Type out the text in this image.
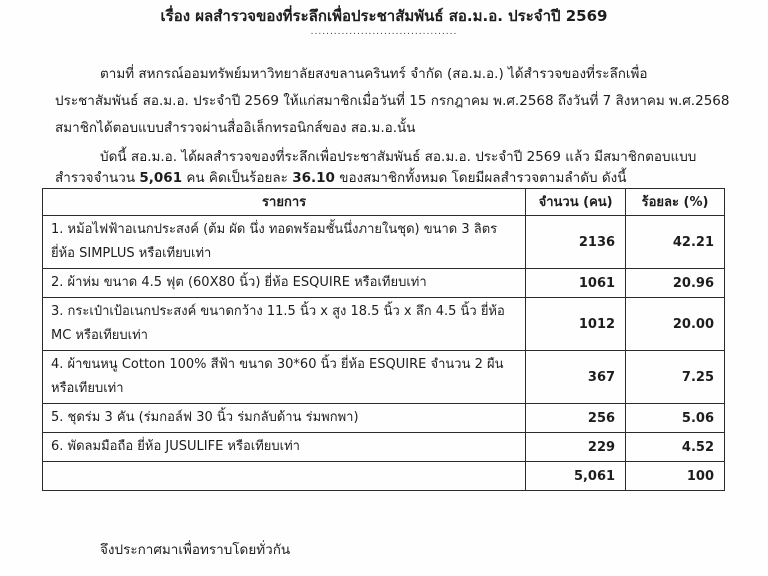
เรื่อง ผลสำรวจของที่ระลึกเพื่อประชาสัมพันธ์ สอ.ม.อ. ประจำปี 2569
......................................
ตามที่ สหกรณ์ออมทรัพย์มหาวิทยาลัยสงขลานครินทร์ จำกัด (สอ.ม.อ.) ได้สำรวจของที่ระลึกเพื่อ
ประชาสัมพันธ์ สอ.ม.อ. ประจำปี 2569 ให้แก่สมาชิกเมื่อวันที่ 15 กรกฎาคม พ.ศ.2568 ถึงวันที่ 7 สิงหาคม พ.ศ.2568
สมาชิกได้ตอบแบบสำรวจผ่านสื่ออิเล็กทรอนิกส์ของ สอ.ม.อ.นั้น
บัดนี้ สอ.ม.อ. ได้ผลสำรวจของที่ระลึกเพื่อประชาสัมพันธ์ สอ.ม.อ. ประจำปี 2569 แล้ว มีสมาชิกตอบแบบ
สำรวจจำนวน 5,061 คน คิดเป็นร้อยละ 36.10 ของสมาชิกทั้งหมด โดยมีผลสำรวจตามลำดับ ดังนี้
รายการ	จำนวน (คน)	ร้อยละ (%)
1. หม้อไฟฟ้าอเนกประสงค์ (ต้ม ผัด นึ่ง ทอดพร้อมชั้นนึ่งภายในชุด) ขนาด 3 ลิตร
ยี่ห้อ SIMPLUS หรือเทียบเท่า	2136	42.21
2. ผ้าห่ม ขนาด 4.5 ฟุต (60X80 นิ้ว) ยี่ห้อ ESQUIRE หรือเทียบเท่า	1061	20.96
3. กระเป๋าเป้อเนกประสงค์ ขนาดกว้าง 11.5 นิ้ว x สูง 18.5 นิ้ว x ลึก 4.5 นิ้ว ยี่ห้อ
MC หรือเทียบเท่า	1012	20.00
4. ผ้าขนหนู Cotton 100% สีฟ้า ขนาด 30*60 นิ้ว ยี่ห้อ ESQUIRE จำนวน 2 ผืน
หรือเทียบเท่า	367	7.25
5. ชุดร่ม 3 คัน (ร่มกอล์ฟ 30 นิ้ว ร่มกลับด้าน ร่มพกพา)	256	5.06
6. พัดลมมือถือ ยี่ห้อ JUSULIFE หรือเทียบเท่า	229	4.52
	5,061	100
จึงประกาศมาเพื่อทราบโดยทั่วกัน
